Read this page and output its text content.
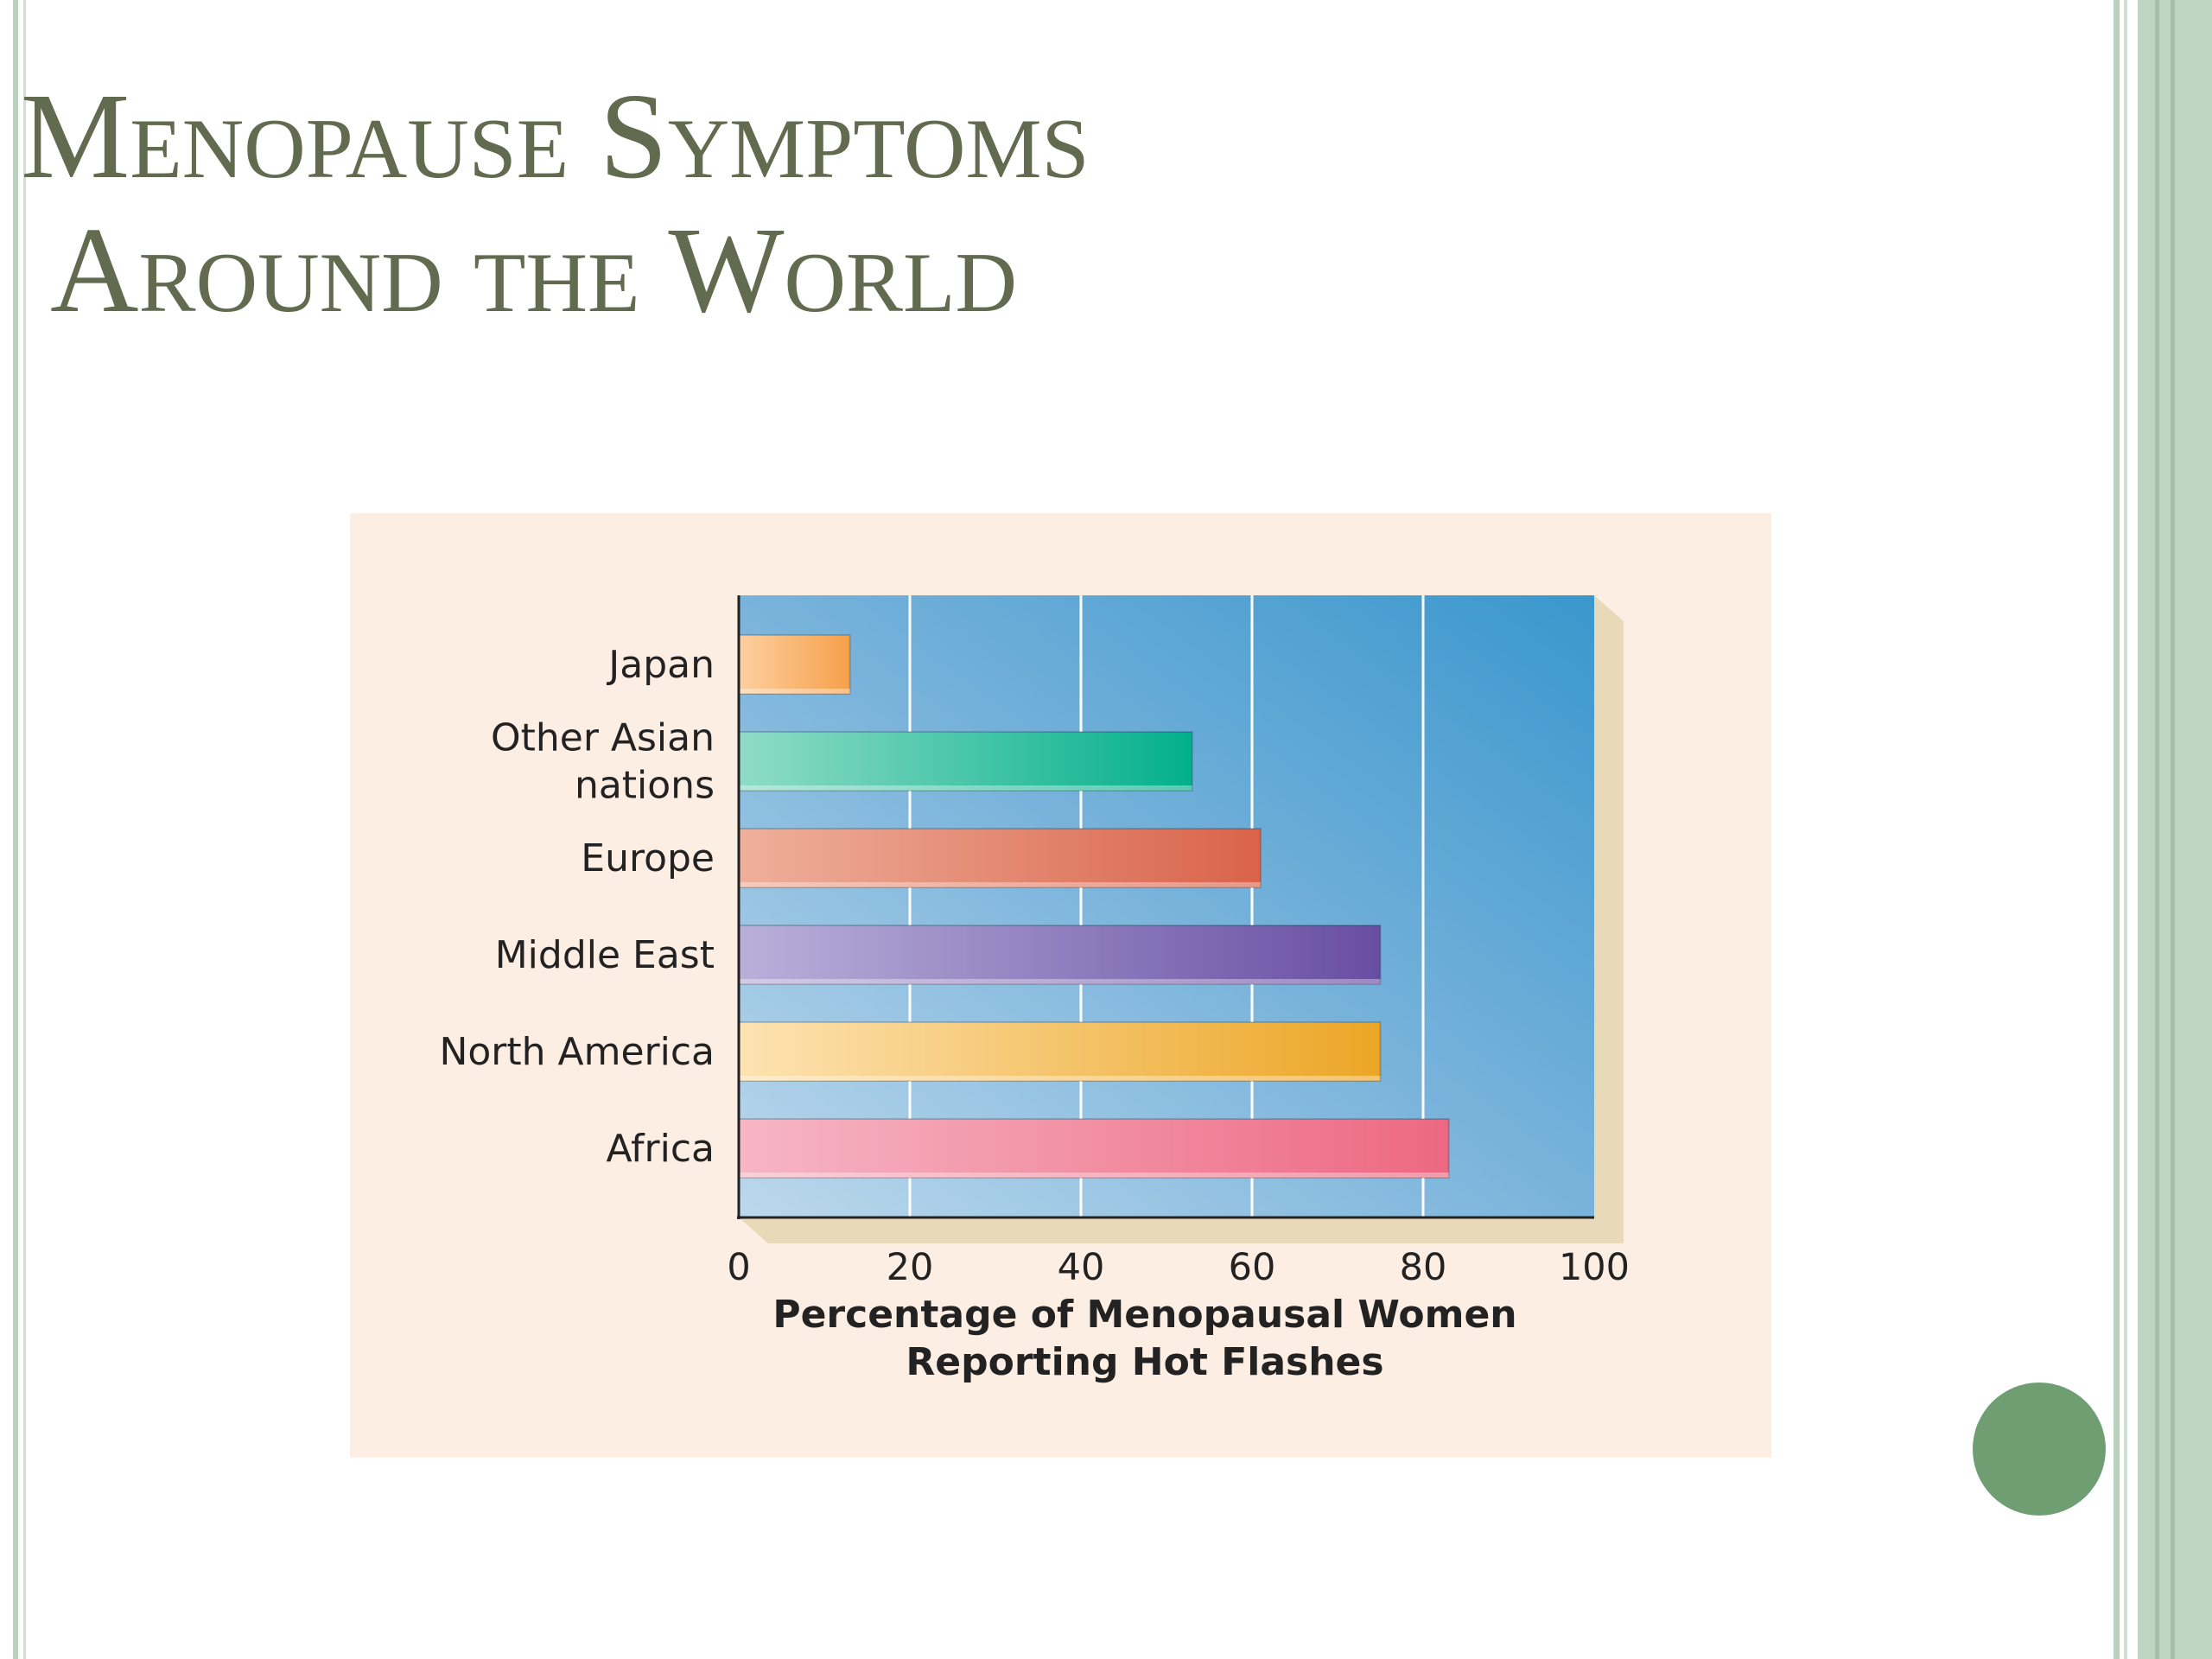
Menopause Symptoms
Around the World
Japan
Other Asian
nations
Europe
Middle East
North America
Africa
0	20	40	60	80	100
Percentage of Menopausal Women
Reporting Hot Flashes
